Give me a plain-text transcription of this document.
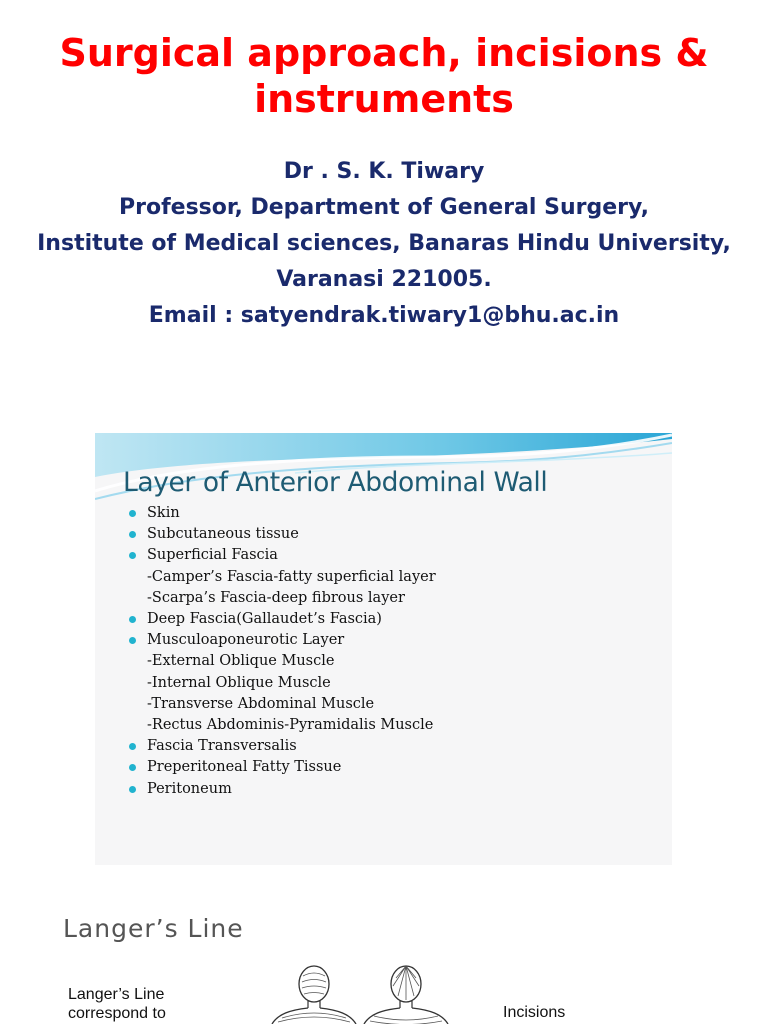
Surgical approach, incisions & instruments
Dr . S. K. Tiwary
Professor, Department of General Surgery,
Institute of Medical sciences, Banaras Hindu University,
Varanasi 221005.
Email : satyendrak.tiwary1@bhu.ac.in
Layer of Anterior Abdominal Wall
Skin
Subcutaneous tissue
Superficial Fascia
-Camper’s Fascia-fatty superficial layer
-Scarpa’s Fascia-deep fibrous layer
Deep Fascia(Gallaudet’s Fascia)
Musculoaponeurotic Layer
-External Oblique Muscle
-Internal Oblique Muscle
-Transverse Abdominal Muscle
-Rectus Abdominis-Pyramidalis Muscle
Fascia Transversalis
Preperitoneal Fatty Tissue
Peritoneum
Langer’s Line
Langer’s Line
correspond to	Incisions
